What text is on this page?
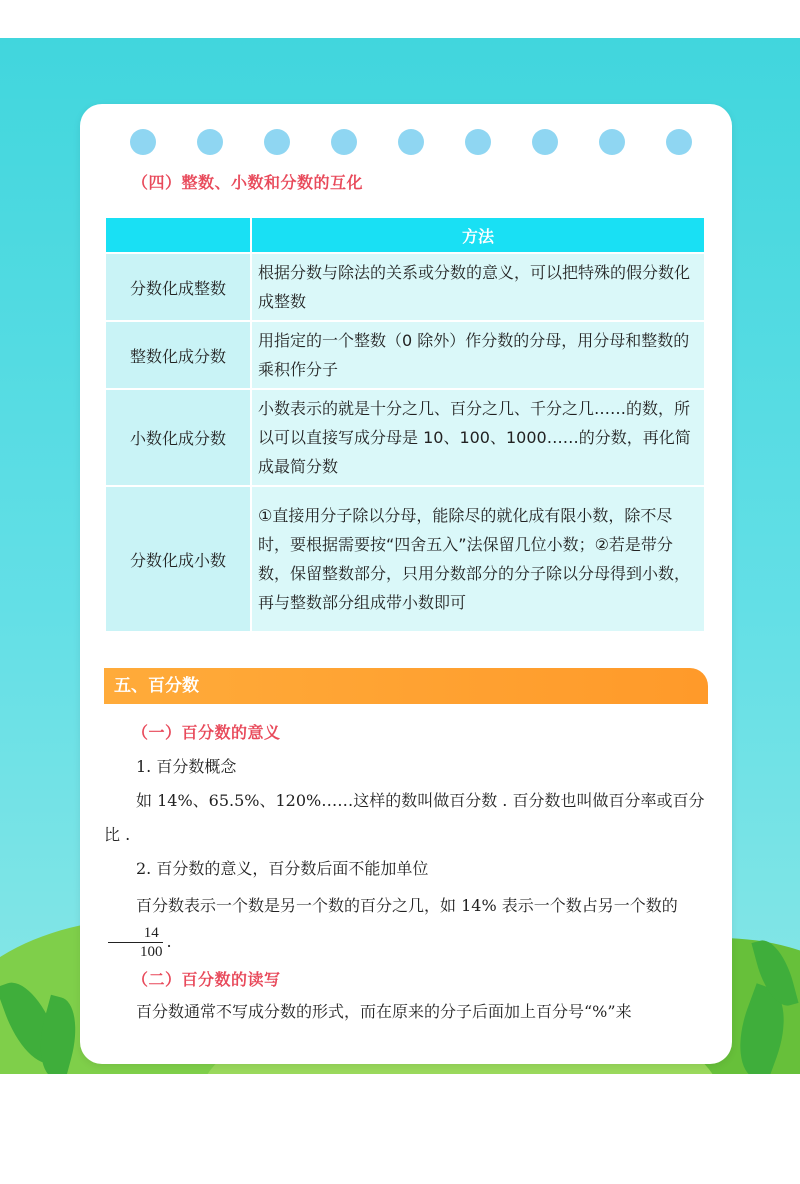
（四）整数、小数和分数的互化
	方法
分数化成整数	根据分数与除法的关系或分数的意义，可以把特殊的假分数化成整数
整数化成分数	用指定的一个整数（0 除外）作分数的分母，用分母和整数的乘积作分子
小数化成分数	小数表示的就是十分之几、百分之几、千分之几……的数，所以可以直接写成分母是 10、100、1000……的分数，再化简成最简分数
分数化成小数	①直接用分子除以分母，能除尽的就化成有限小数，除不尽时，要根据需要按“四舍五入”法保留几位小数；②若是带分数，保留整数部分，只用分数部分的分子除以分母得到小数，再与整数部分组成带小数即可
五、百分数
（一）百分数的意义
1. 百分数概念
如 14%、65.5%、120%……这样的数叫做百分数 . 百分数也叫做百分率或百分比 .
2. 百分数的意义，百分数后面不能加单位
百分数表示一个数是另一个数的百分之几，如 14% 表示一个数占另一个数的
$\frac{14}{100}$ .
（二）百分数的读写
百分数通常不写成分数的形式，而在原来的分子后面加上百分号“%”来
